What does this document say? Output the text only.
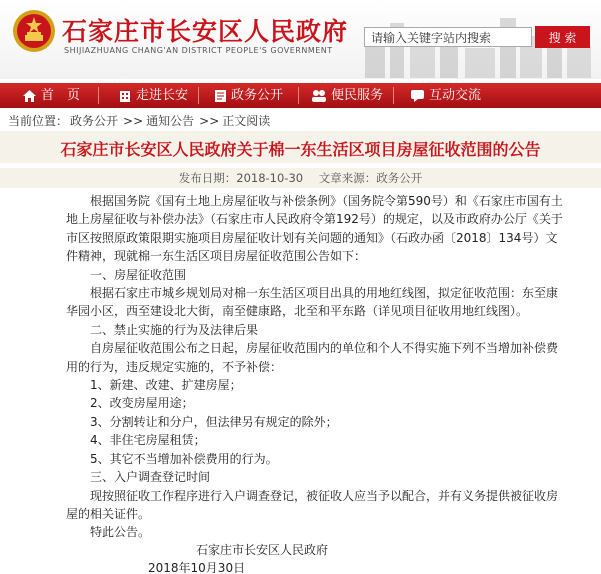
石家庄市长安区人民政府
SHIJIAZHUANG CHANG'AN DISTRICT PEOPLE'S GOVERNMENT
请输入关键字站内搜索
搜 索
首　页	走进长安	政务公开	便民服务	互动交流
当前位置： 政务公开 >> 通知公告 >> 正文阅读
石家庄市长安区人民政府关于棉一东生活区项目房屋征收范围的公告
发布日期：2018-10-30 文章来源：政务公开

　　根据国务院《国有土地上房屋征收与补偿条例》（国务院令第590号）和《石家庄市国有土地上房屋征收与补偿办法》（石家庄市人民政府令第192号）的规定，以及市政府办公厅《关于市区按照原政策限期实施项目房屋征收计划有关问题的通知》（石政办函〔2018〕134号）文件精神，现就棉一东生活区项目房屋征收范围公告如下：

　　一、房屋征收范围

　　根据石家庄市城乡规划局对棉一东生活区项目出具的用地红线图，拟定征收范围：东至康华园小区，西至建设北大街，南至健康路，北至和平东路（详见项目征收用地红线图）。

　　二、禁止实施的行为及法律后果

　　自房屋征收范围公布之日起，房屋征收范围内的单位和个人不得实施下列不当增加补偿费用的行为，违反规定实施的，不予补偿：

　　1、新建、改建、扩建房屋；

　　2、改变房屋用途；

　　3、分割转让和分户，但法律另有规定的除外；

　　4、非住宅房屋租赁；

　　5、其它不当增加补偿费用的行为。

　　三、入户调查登记时间

　　现按照征收工作程序进行入户调查登记，被征收人应当予以配合，并有义务提供被征收房屋的相关证件。

　　特此公告。

石家庄市长安区人民政府
2018年10月30日
